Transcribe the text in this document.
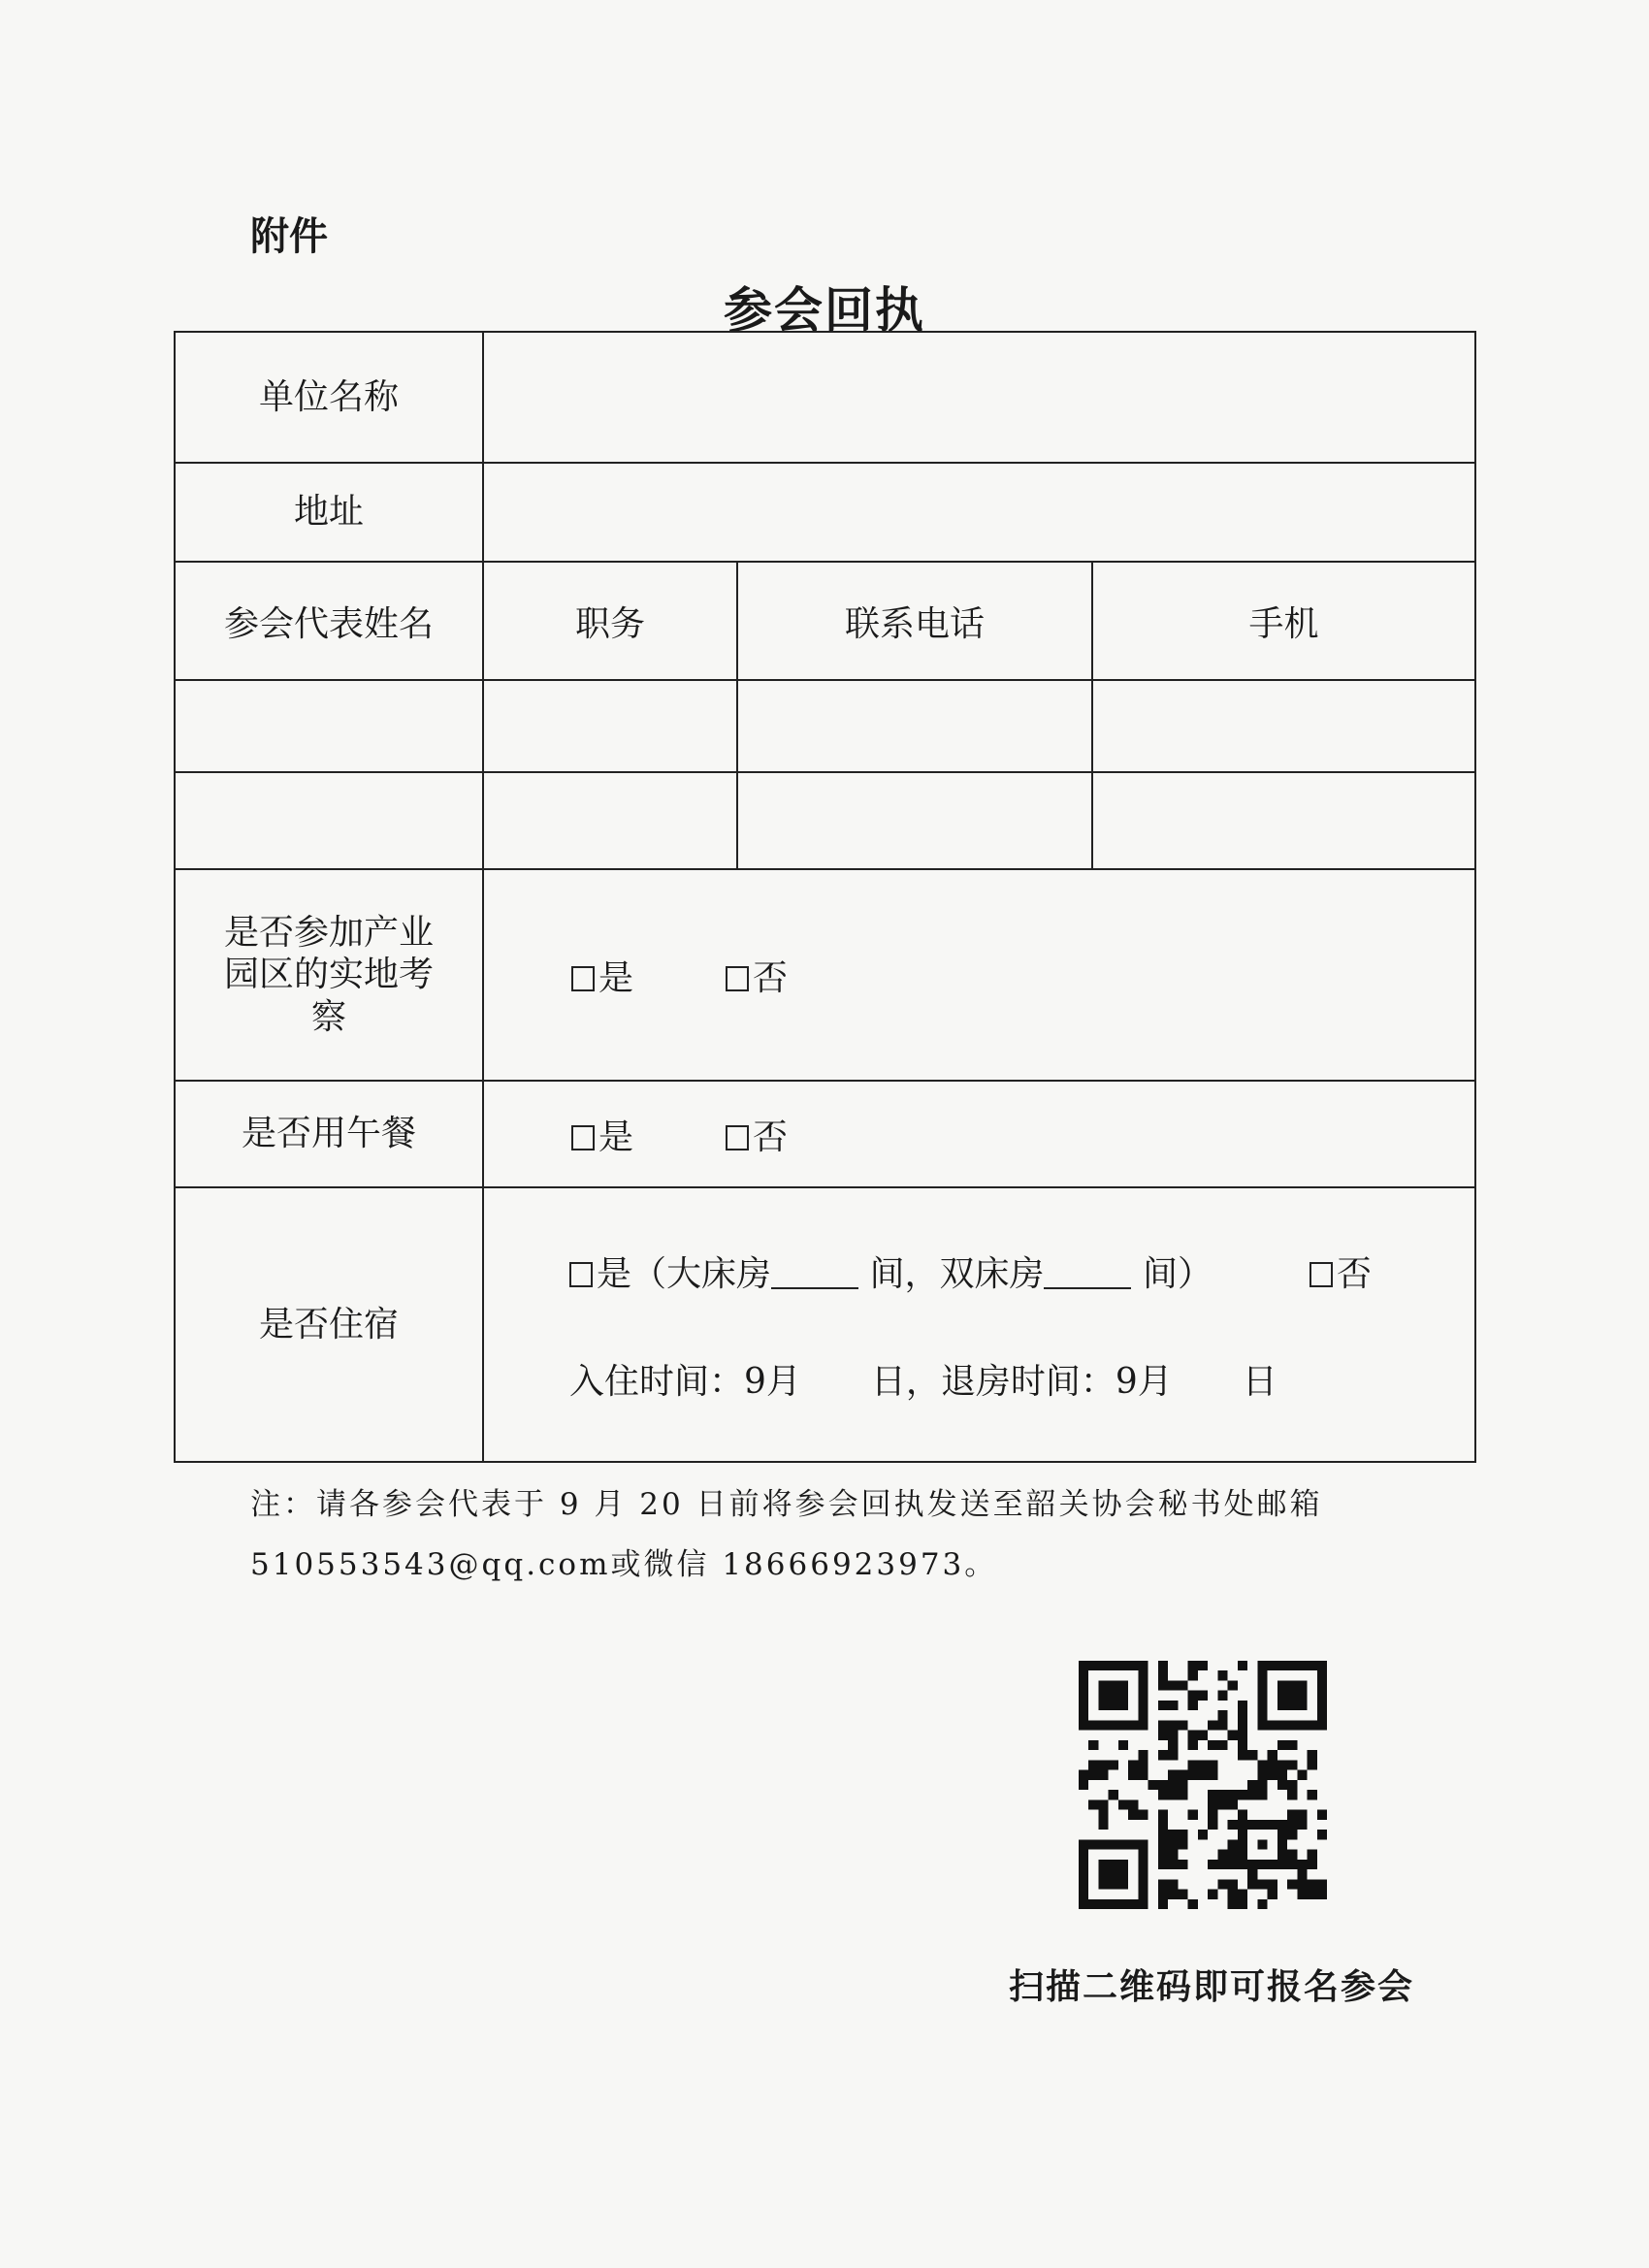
附件
参会回执
单位名称			
地址			
参会代表姓名	职务	联系电话	手机

是否参加产业园区的实地考察	是 否		
是否用午餐	是 否		
是否住宿	是（大床房 间，双床房 间） 否
入住时间：9月　　日，退房时间：9月　　日		
注：请各参会代表于 9 月 20 日前将参会回执发送至韶关协会秘书处邮箱
510553543@qq.com或微信 18666923973。
扫描二维码即可报名参会
